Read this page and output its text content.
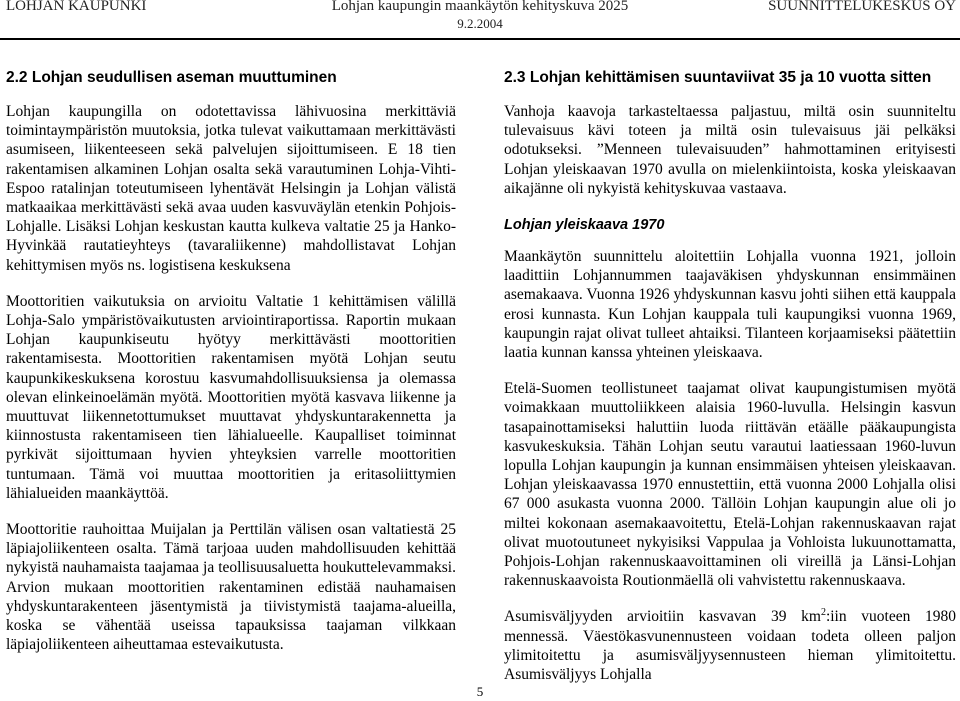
LOHJAN KAUPUNKI	Lohjan kaupungin maankäytön kehityskuva 2025
9.2.2004
SUUNNITTELUKESKUS OY
2.2 Lohjan seudullisen aseman muuttuminen

Lohjan kaupungilla on odotettavissa lähivuosina merkittäviä toimintaympäristön muutoksia, jotka tulevat vaikuttamaan merkittävästi asumiseen, liikenteeseen sekä palvelujen sijoittumiseen. E 18 tien rakentamisen alkaminen Lohjan osalta sekä varautuminen Lohja-Vihti-Espoo ratalinjan toteutumiseen lyhentävät Helsingin ja Lohjan välistä matkaaikaa merkittävästi sekä avaa uuden kasvuväylän etenkin Pohjois-Lohjalle. Lisäksi Lohjan keskustan kautta kulkeva valtatie 25 ja Hanko-Hyvinkää rautatieyhteys (tavaraliikenne) mahdollistavat Lohjan kehittymisen myös ns. logistisena keskuksena

Moottoritien vaikutuksia on arvioitu Valtatie 1 kehittämisen välillä Lohja-Salo ympäristövaikutusten arviointiraportissa. Raportin mukaan Lohjan kaupunkiseutu hyötyy merkittävästi moottoritien rakentamisesta. Moottoritien rakentamisen myötä Lohjan seutu kaupunkikeskuksena korostuu kasvumahdollisuuksiensa ja olemassa olevan elinkeinoelämän myötä. Moottoritien myötä kasvava liikenne ja muuttuvat liikennetottumukset muuttavat yhdyskuntarakennetta ja kiinnostusta rakentamiseen tien lähialueelle. Kaupalliset toiminnat pyrkivät sijoittumaan hyvien yhteyksien varrelle moottoritien tuntumaan. Tämä voi muuttaa moottoritien ja eritasoliittymien lähialueiden maankäyttöä.

Moottoritie rauhoittaa Muijalan ja Perttilän välisen osan valtatiestä 25 läpiajoliikenteen osalta. Tämä tarjoaa uuden mahdollisuuden kehittää nykyistä nauhamaista taajamaa ja teollisuusaluetta houkuttelevammaksi. Arvion mukaan moottoritien rakentaminen edistää nauhamaisen yhdyskuntarakenteen jäsentymistä ja tiivistymistä taajama-alueilla, koska se vähentää useissa tapauksissa taajaman vilkkaan läpiajoliikenteen aiheuttamaa estevaikutusta.

2.3 Lohjan kehittämisen suuntaviivat 35 ja 10 vuotta sitten

Vanhoja kaavoja tarkasteltaessa paljastuu, miltä osin suunniteltu tulevaisuus kävi toteen ja miltä osin tulevaisuus jäi pelkäksi odotukseksi. ”Menneen tulevaisuuden” hahmottaminen erityisesti Lohjan yleiskaavan 1970 avulla on mielenkiintoista, koska yleiskaavan aikajänne oli nykyistä kehityskuvaa vastaava.

Lohjan yleiskaava 1970

Maankäytön suunnittelu aloitettiin Lohjalla vuonna 1921, jolloin laadittiin Lohjannummen taajaväkisen yhdyskunnan ensimmäinen asemakaava. Vuonna 1926 yhdyskunnan kasvu johti siihen että kauppala erosi kunnasta. Kun Lohjan kauppala tuli kaupungiksi vuonna 1969, kaupungin rajat olivat tulleet ahtaiksi. Tilanteen korjaamiseksi päätettiin laatia kunnan kanssa yhteinen yleiskaava.

Etelä-Suomen teollistuneet taajamat olivat kaupungistumisen myötä voimakkaan muuttoliikkeen alaisia 1960-luvulla. Helsingin kasvun tasapainottamiseksi haluttiin luoda riittävän etäälle pääkaupungista kasvukeskuksia. Tähän Lohjan seutu varautui laatiessaan 1960-luvun lopulla Lohjan kaupungin ja kunnan ensimmäisen yhteisen yleiskaavan. Lohjan yleiskaavassa 1970 ennustettiin, että vuonna 2000 Lohjalla olisi 67 000 asukasta vuonna 2000. Tällöin Lohjan kaupungin alue oli jo miltei kokonaan asemakaavoitettu, Etelä-Lohjan rakennuskaavan rajat olivat muotoutuneet nykyisiksi Vappulaa ja Vohloista lukuunottamatta, Pohjois-Lohjan rakennuskaavoittaminen oli vireillä ja Länsi-Lohjan rakennuskaavoista Routionmäellä oli vahvistettu rakennuskaava.

Asumisväljyyden arvioitiin kasvavan 39 $km^2:iin$ vuoteen 1980 mennessä. Väestökasvunennusteen voidaan todeta olleen paljon ylimitoitettu ja asumisväljyysennusteen hieman ylimitoitettu. Asumisväljyys Lohjalla

5
